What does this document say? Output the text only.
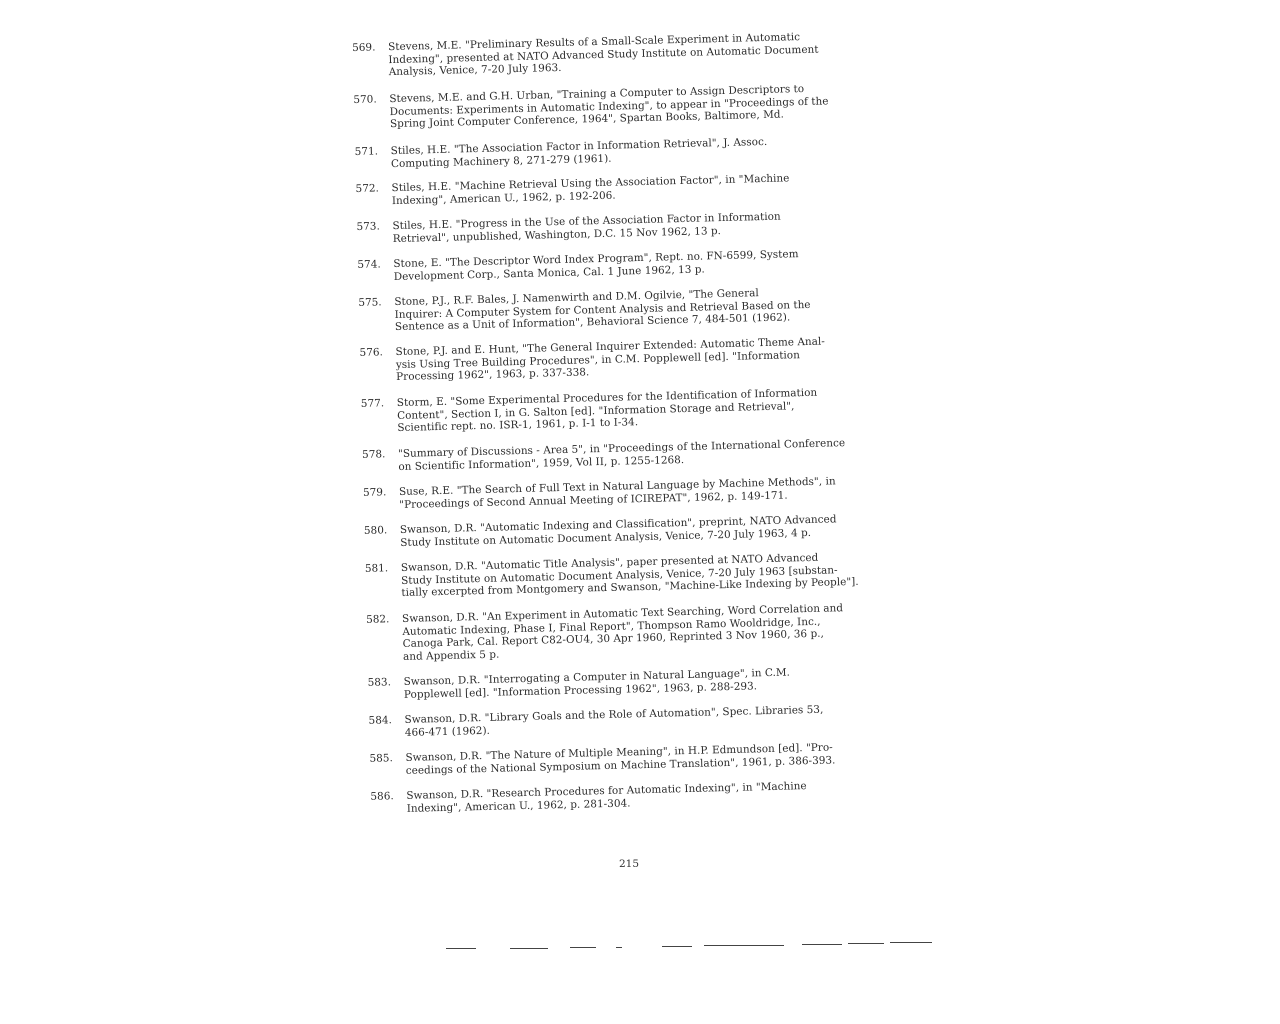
569.	Stevens, M.E. "Preliminary Results of a Small-Scale Experiment in Automatic
Indexing", presented at NATO Advanced Study Institute on Automatic Document
Analysis, Venice, 7-20 July 1963.
570.	Stevens, M.E. and G.H. Urban, "Training a Computer to Assign Descriptors to
Documents: Experiments in Automatic Indexing", to appear in "Proceedings of the
Spring Joint Computer Conference, 1964", Spartan Books, Baltimore, Md.
571.	Stiles, H.E. "The Association Factor in Information Retrieval", J. Assoc.
Computing Machinery 8, 271-279 (1961).
572.	Stiles, H.E. "Machine Retrieval Using the Association Factor", in "Machine
Indexing", American U., 1962, p. 192-206.
573.	Stiles, H.E. "Progress in the Use of the Association Factor in Information
Retrieval", unpublished, Washington, D.C. 15 Nov 1962, 13 p.
574.	Stone, E. "The Descriptor Word Index Program", Rept. no. FN-6599, System
Development Corp., Santa Monica, Cal. 1 June 1962, 13 p.
575.	Stone, P.J., R.F. Bales, J. Namenwirth and D.M. Ogilvie, "The General
Inquirer: A Computer System for Content Analysis and Retrieval Based on the
Sentence as a Unit of Information", Behavioral Science 7, 484-501 (1962).
576.	Stone, P.J. and E. Hunt, "The General Inquirer Extended: Automatic Theme Anal-
ysis Using Tree Building Procedures", in C.M. Popplewell [ed]. "Information
Processing 1962", 1963, p. 337-338.
577.	Storm, E. "Some Experimental Procedures for the Identification of Information
Content", Section I, in G. Salton [ed]. "Information Storage and Retrieval",
Scientific rept. no. ISR-1, 1961, p. I-1 to I-34.
578.	"Summary of Discussions - Area 5", in "Proceedings of the International Conference
on Scientific Information", 1959, Vol II, p. 1255-1268.
579.	Suse, R.E. "The Search of Full Text in Natural Language by Machine Methods", in
"Proceedings of Second Annual Meeting of ICIREPAT", 1962, p. 149-171.
580.	Swanson, D.R. "Automatic Indexing and Classification", preprint, NATO Advanced
Study Institute on Automatic Document Analysis, Venice, 7-20 July 1963, 4 p.
581.	Swanson, D.R. "Automatic Title Analysis", paper presented at NATO Advanced
Study Institute on Automatic Document Analysis, Venice, 7-20 July 1963 [substan-
tially excerpted from Montgomery and Swanson, "Machine-Like Indexing by People"].
582.	Swanson, D.R. "An Experiment in Automatic Text Searching, Word Correlation and
Automatic Indexing, Phase I, Final Report", Thompson Ramo Wooldridge, Inc.,
Canoga Park, Cal. Report C82-OU4, 30 Apr 1960, Reprinted 3 Nov 1960, 36 p.,
and Appendix 5 p.
583.	Swanson, D.R. "Interrogating a Computer in Natural Language", in C.M.
Popplewell [ed]. "Information Processing 1962", 1963, p. 288-293.
584.	Swanson, D.R. "Library Goals and the Role of Automation", Spec. Libraries 53,
466-471 (1962).
585.	Swanson, D.R. "The Nature of Multiple Meaning", in H.P. Edmundson [ed]. "Pro-
ceedings of the National Symposium on Machine Translation", 1961, p. 386-393.
586.	Swanson, D.R. "Research Procedures for Automatic Indexing", in "Machine
Indexing", American U., 1962, p. 281-304.
215
